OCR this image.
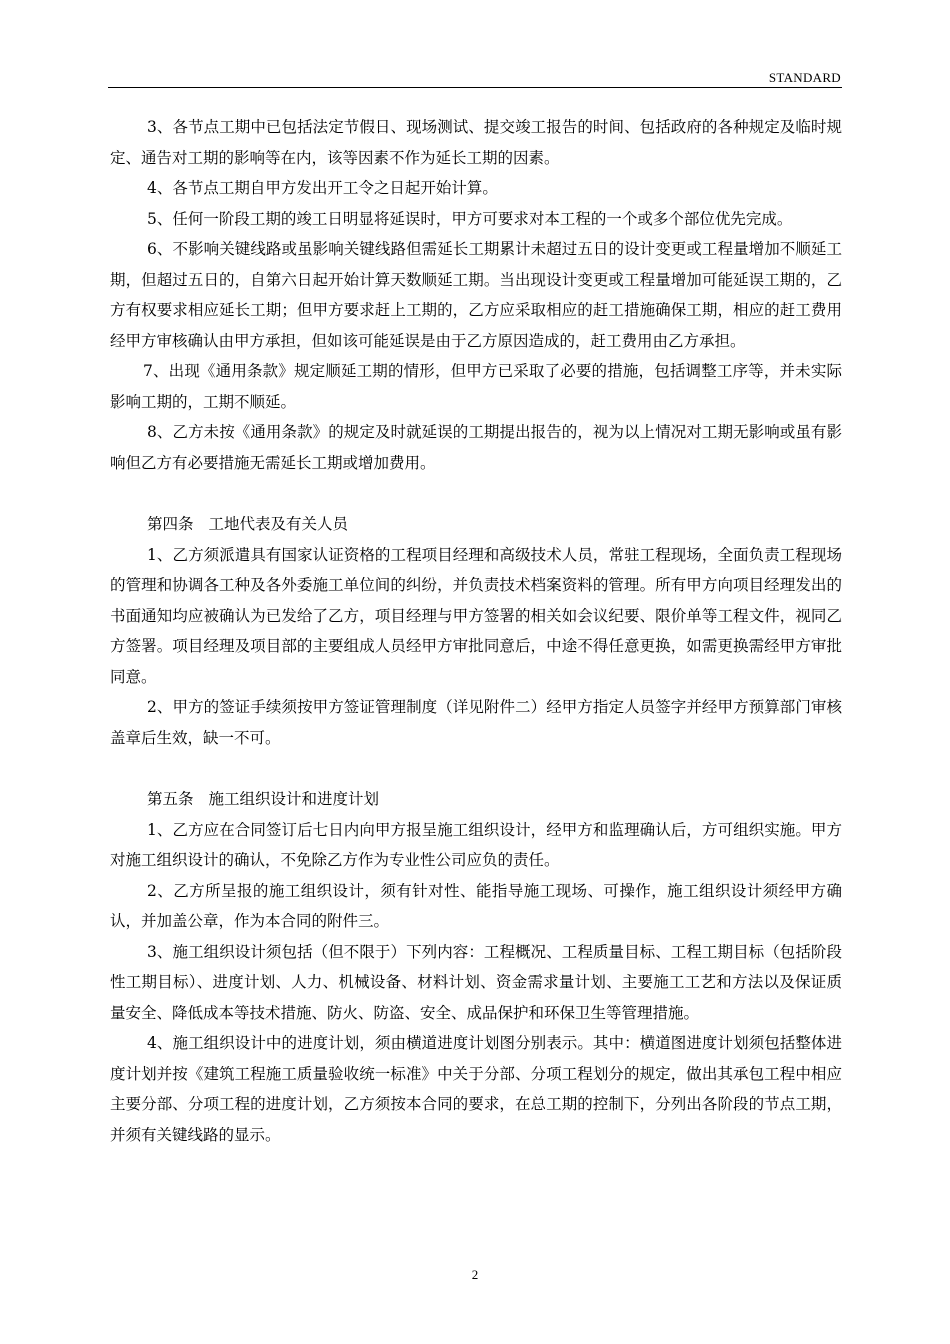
STANDARD

3、各节点工期中已包括法定节假日、现场测试、提交竣工报告的时间、包括政府的各种规定及临时规定、通告对工期的影响等在内，该等因素不作为延长工期的因素。

4、各节点工期自甲方发出开工令之日起开始计算。

5、任何一阶段工期的竣工日明显将延误时，甲方可要求对本工程的一个或多个部位优先完成。

6、不影响关键线路或虽影响关键线路但需延长工期累计未超过五日的设计变更或工程量增加不顺延工期，但超过五日的，自第六日起开始计算天数顺延工期。当出现设计变更或工程量增加可能延误工期的，乙方有权要求相应延长工期；但甲方要求赶上工期的，乙方应采取相应的赶工措施确保工期，相应的赶工费用经甲方审核确认由甲方承担，但如该可能延误是由于乙方原因造成的，赶工费用由乙方承担。

7、出现《通用条款》规定顺延工期的情形，但甲方已采取了必要的措施，包括调整工序等，并未实际影响工期的，工期不顺延。

8、乙方未按《通用条款》的规定及时就延误的工期提出报告的，视为以上情况对工期无影响或虽有影响但乙方有必要措施无需延长工期或增加费用。

第四条 工地代表及有关人员

1、乙方须派遣具有国家认证资格的工程项目经理和高级技术人员，常驻工程现场，全面负责工程现场的管理和协调各工种及各外委施工单位间的纠纷，并负责技术档案资料的管理。所有甲方向项目经理发出的书面通知均应被确认为已发给了乙方，项目经理与甲方签署的相关如会议纪要、限价单等工程文件，视同乙方签署。项目经理及项目部的主要组成人员经甲方审批同意后，中途不得任意更换，如需更换需经甲方审批同意。

2、甲方的签证手续须按甲方签证管理制度（详见附件二）经甲方指定人员签字并经甲方预算部门审核盖章后生效，缺一不可。

第五条 施工组织设计和进度计划

1、乙方应在合同签订后七日内向甲方报呈施工组织设计，经甲方和监理确认后，方可组织实施。甲方对施工组织设计的确认，不免除乙方作为专业性公司应负的责任。

2、乙方所呈报的施工组织设计，须有针对性、能指导施工现场、可操作，施工组织设计须经甲方确认，并加盖公章，作为本合同的附件三。

3、施工组织设计须包括（但不限于）下列内容：工程概况、工程质量目标、工程工期目标（包括阶段性工期目标）、进度计划、人力、机械设备、材料计划、资金需求量计划、主要施工工艺和方法以及保证质量安全、降低成本等技术措施、防火、防盗、安全、成品保护和环保卫生等管理措施。

4、施工组织设计中的进度计划，须由横道进度计划图分别表示。其中：横道图进度计划须包括整体进度计划并按《建筑工程施工质量验收统一标准》中关于分部、分项工程划分的规定，做出其承包工程中相应主要分部、分项工程的进度计划，乙方须按本合同的要求，在总工期的控制下，分列出各阶段的节点工期，并须有关键线路的显示。

2
